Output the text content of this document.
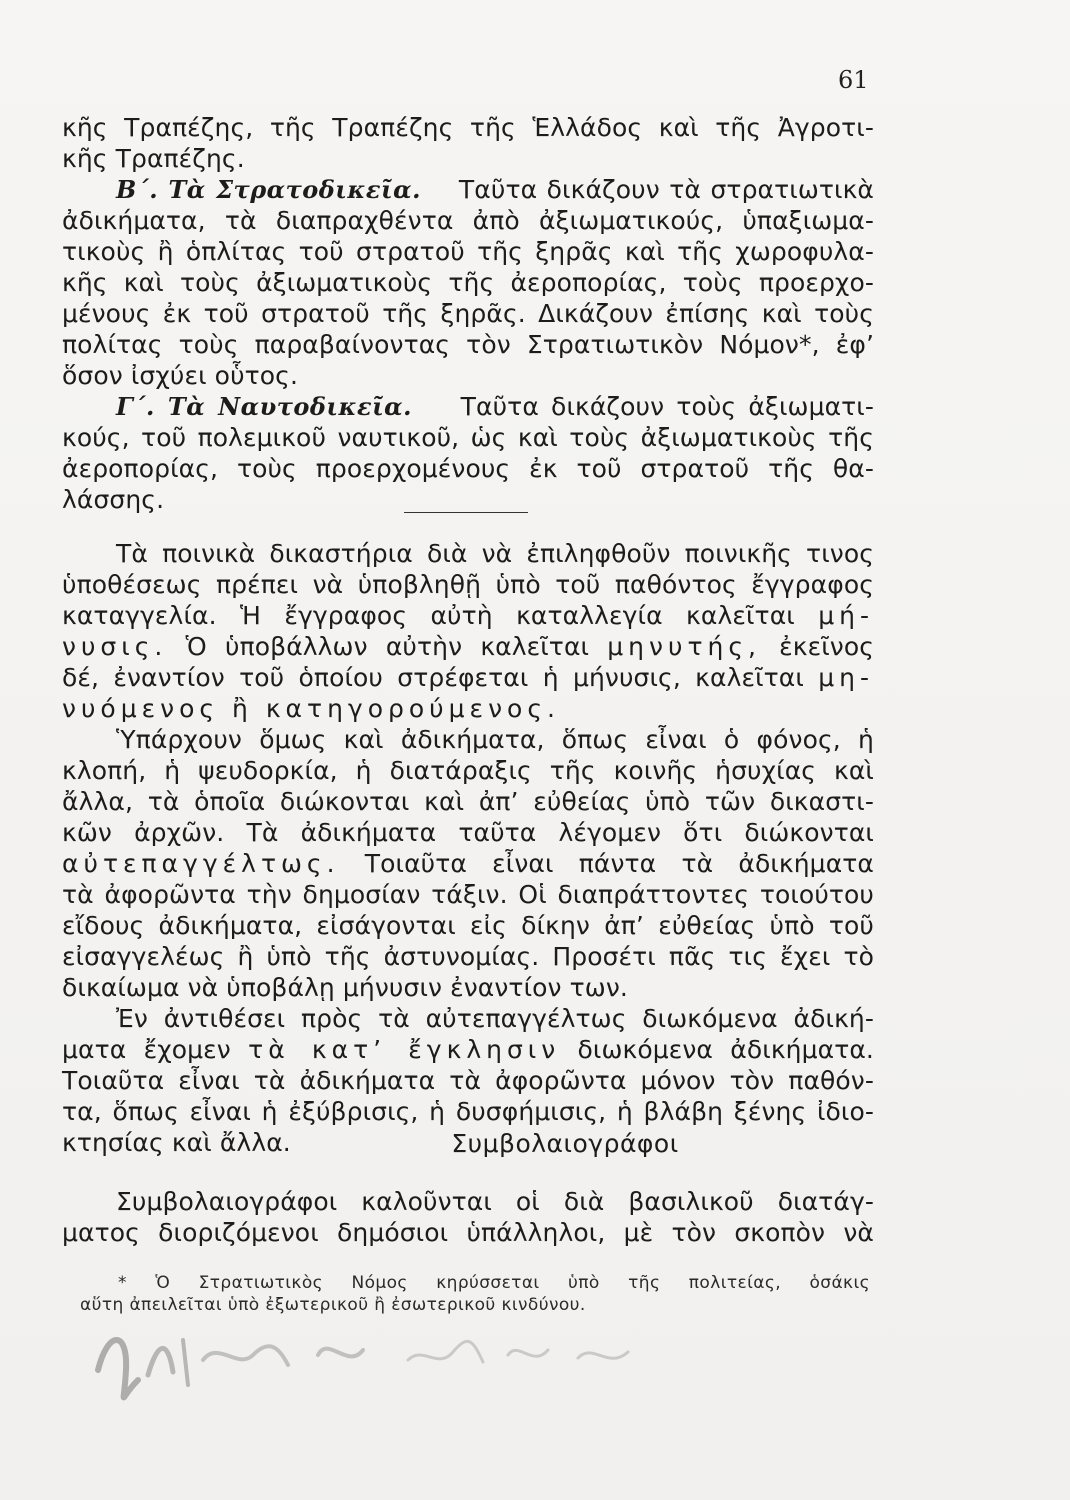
61
κῆς Τραπέζης, τῆς Τραπέζης τῆς Ἑλλάδος καὶ τῆς Ἀγροτι-
κῆς Τραπέζης.
Β΄. Τὰ Στρατοδικεῖα. Ταῦτα δικάζουν τὰ στρατιωτικὰ
ἀδικήματα, τὰ διαπραχθέντα ἀπὸ ἀξιωματικούς, ὑπαξιωμα-
τικοὺς ἢ ὁπλίτας τοῦ στρατοῦ τῆς ξηρᾶς καὶ τῆς χωροφυλα-
κῆς καὶ τοὺς ἀξιωματικοὺς τῆς ἀεροπορίας, τοὺς προερχο-
μένους ἐκ τοῦ στρατοῦ τῆς ξηρᾶς. Δικάζουν ἐπίσης καὶ τοὺς
πολίτας τοὺς παραβαίνοντας τὸν Στρατιωτικὸν Νόμον*, ἐφ’
ὅσον ἰσχύει οὗτος.
Γ΄. Τὰ Ναυτοδικεῖα. Ταῦτα δικάζουν τοὺς ἀξιωματι-
κούς, τοῦ πολεμικοῦ ναυτικοῦ, ὡς καὶ τοὺς ἀξιωματικοὺς τῆς
ἀεροπορίας, τοὺς προερχομένους ἐκ τοῦ στρατοῦ τῆς θα-
λάσσης.
Τὰ ποινικὰ δικαστήρια διὰ νὰ ἐπιληφθοῦν ποινικῆς τινος
ὑποθέσεως πρέπει νὰ ὑποβληθῇ ὑπὸ τοῦ παθόντος ἔγγραφος
καταγγελία. Ἡ ἔγγραφος αὐτὴ καταλλεγία καλεῖται μή-
νυσις. Ὁ ὑποβάλλων αὐτὴν καλεῖται μηνυτής, ἐκεῖνος
δέ, ἐναντίον τοῦ ὁποίου στρέφεται ἡ μήνυσις, καλεῖται μη-
νυόμενος ἢ κατηγορούμενος.
Ὑπάρχουν ὅμως καὶ ἀδικήματα, ὅπως εἶναι ὁ φόνος, ἡ
κλοπή, ἡ ψευδορκία, ἡ διατάραξις τῆς κοινῆς ἡσυχίας καὶ
ἄλλα, τὰ ὁποῖα διώκονται καὶ ἀπ’ εὐθείας ὑπὸ τῶν δικαστι-
κῶν ἀρχῶν. Τὰ ἀδικήματα ταῦτα λέγομεν ὅτι διώκονται
αὐτεπαγγέλτως. Τοιαῦτα εἶναι πάντα τὰ ἀδικήματα
τὰ ἀφορῶντα τὴν δημοσίαν τάξιν. Οἱ διαπράττοντες τοιούτου
εἴδους ἀδικήματα, εἰσάγονται εἰς δίκην ἀπ’ εὐθείας ὑπὸ τοῦ
εἰσαγγελέως ἢ ὑπὸ τῆς ἀστυνομίας. Προσέτι πᾶς τις ἔχει τὸ
δικαίωμα νὰ ὑποβάλῃ μήνυσιν ἐναντίον των.
Ἐν ἀντιθέσει πρὸς τὰ αὐτεπαγγέλτως διωκόμενα ἀδική-
ματα ἔχομεν τὰ κατ’ ἔγκλησιν διωκόμενα ἀδικήματα.
Τοιαῦτα εἶναι τὰ ἀδικήματα τὰ ἀφορῶντα μόνον τὸν παθόν-
τα, ὅπως εἶναι ἡ ἐξύβρισις, ἡ δυσφήμισις, ἡ βλάβη ξένης ἰδιο-
κτησίας καὶ ἄλλα.	Συμβολαιογράφοι
Συμβολαιογράφοι καλοῦνται οἱ διὰ βασιλικοῦ διατάγ-
ματος διοριζόμενοι δημόσιοι ὑπάλληλοι, μὲ τὸν σκοπὸν νὰ
* Ὁ Στρατιωτικὸς Νόμος κηρύσσεται ὑπὸ τῆς πολιτείας, ὁσάκις
αὕτη ἀπειλεῖται ὑπὸ ἐξωτερικοῦ ἢ ἐσωτερικοῦ κινδύνου.
